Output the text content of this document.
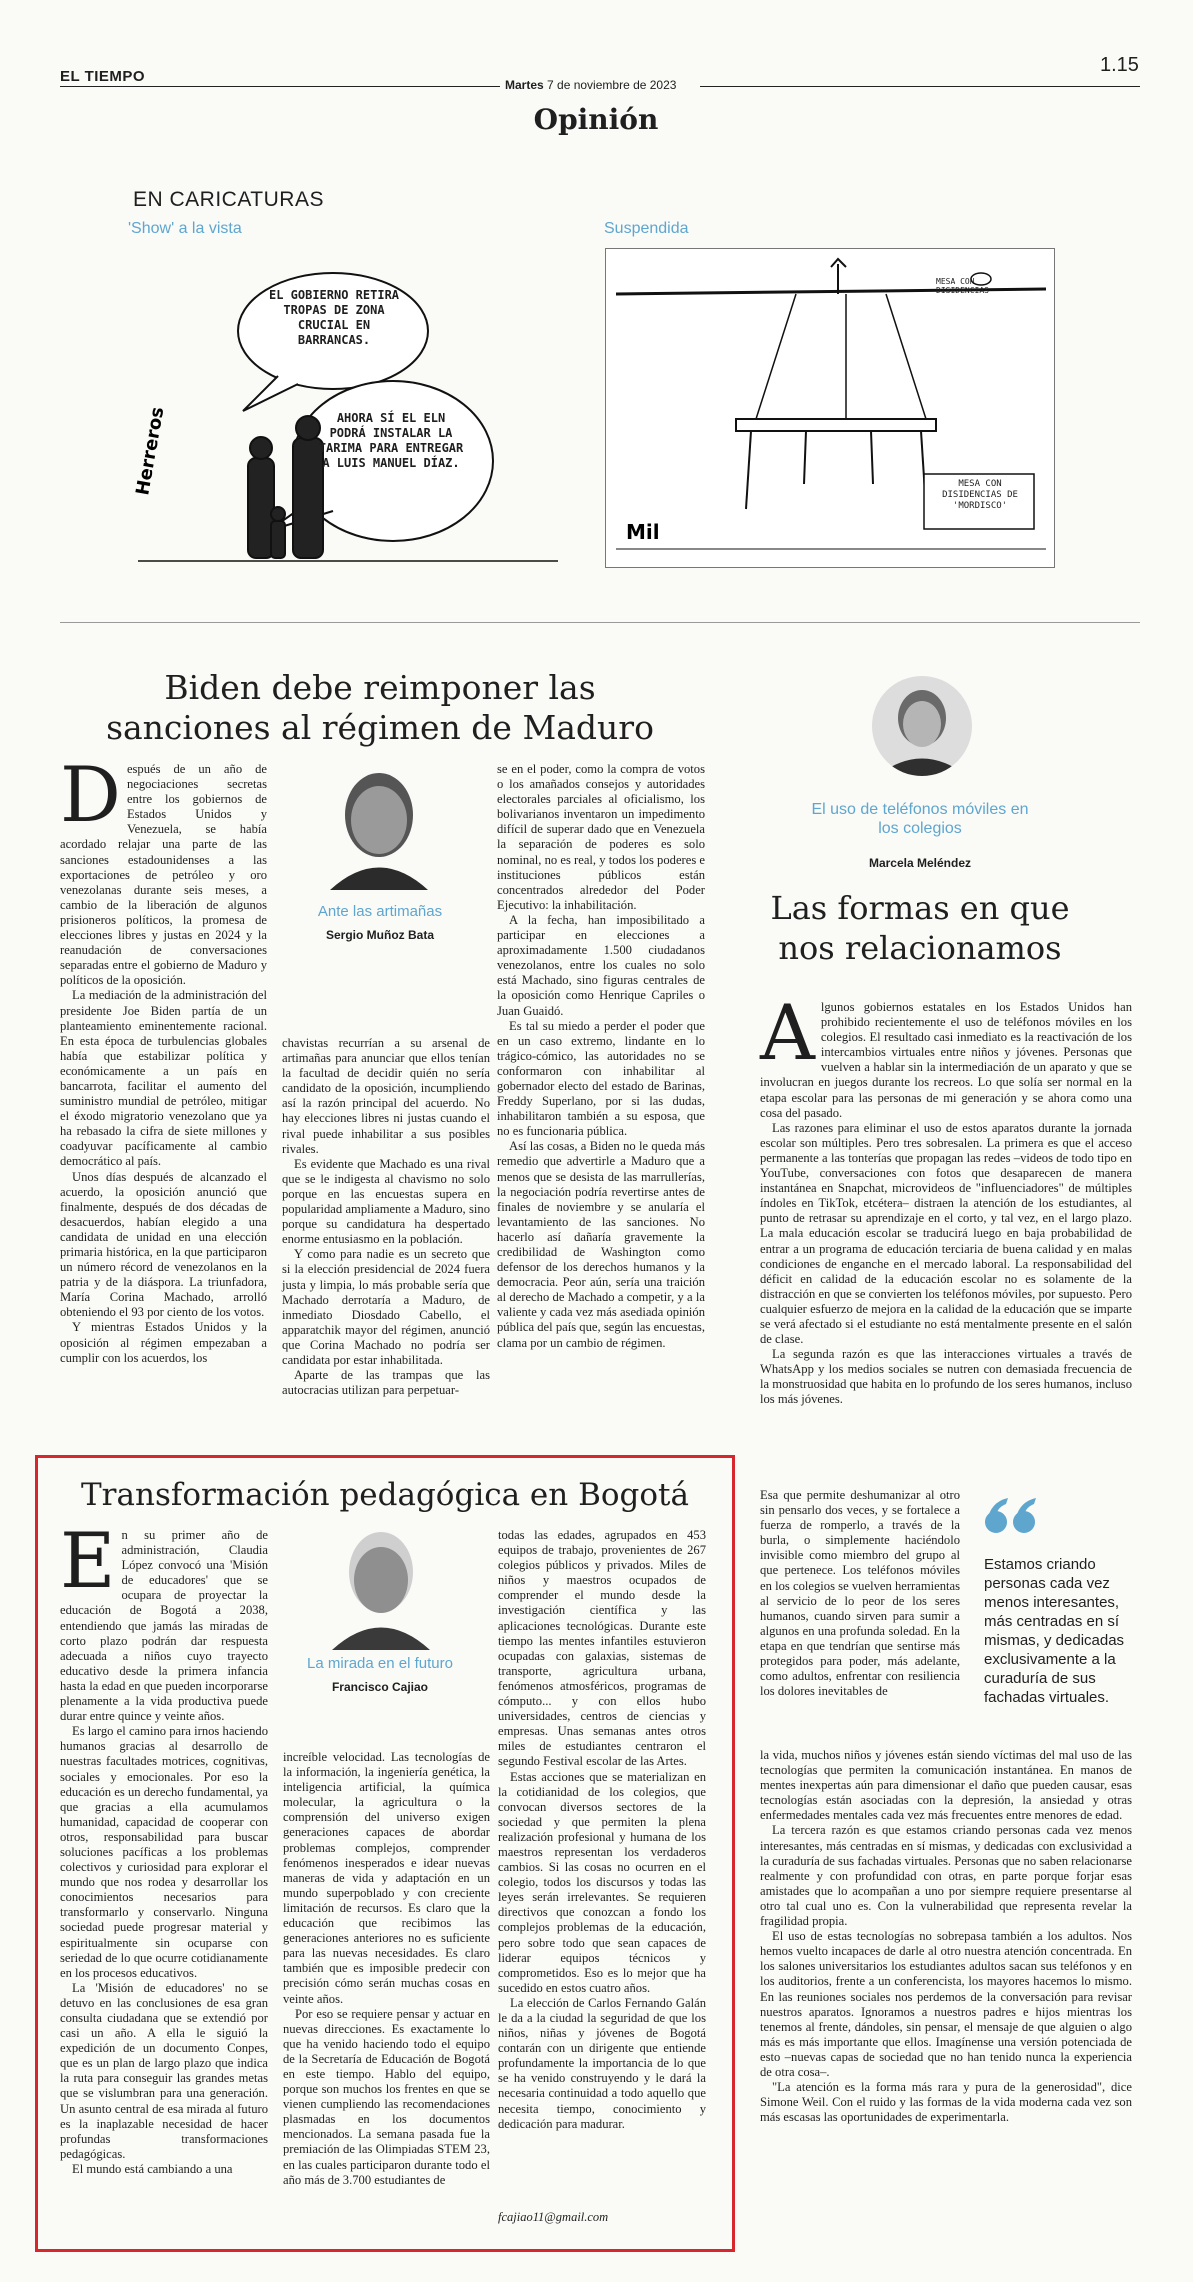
EL TIEMPO	Martes 7 de noviembre de 2023
1.15
Opinión
EN CARICATURAS
'Show' a la vista	Suspendida
Herreros
EL GOBIERNO RETIRA TROPAS DE ZONA CRUCIAL EN BARRANCAS.
AHORA SÍ EL ELN PODRÁ INSTALAR LA TARIMA PARA ENTREGAR A LUIS MANUEL DÍAZ.
Mil
MESA CON DISIDENCIAS
MESA CON DISIDENCIAS DE 'MORDISCO'
Biden debe reimponer las sanciones al régimen de Maduro
D espués de un año de negociaciones secretas entre los gobiernos de Estados Unidos y Venezuela, se había acordado relajar una parte de las sanciones estadounidenses a las exportaciones de petróleo y oro venezolanas durante seis meses, a cambio de la liberación de algunos prisioneros políticos, la promesa de elecciones libres y justas en 2024 y la reanudación de conversaciones separadas entre el gobierno de Maduro y políticos de la oposición.

La mediación de la administración del presidente Joe Biden partía de un planteamiento eminentemente racional. En esta época de turbulencias globales había que estabilizar política y económicamente a un país en bancarrota, facilitar el aumento del suministro mundial de petróleo, mitigar el éxodo migratorio venezolano que ya ha rebasado la cifra de siete millones y coadyuvar pacíficamente al cambio democrático al país.

Unos días después de alcanzado el acuerdo, la oposición anunció que finalmente, después de dos décadas de desacuerdos, habían elegido a una candidata de unidad en una elección primaria histórica, en la que participaron un número récord de venezolanos en la patria y de la diáspora. La triunfadora, María Corina Machado, arrolló obteniendo el 93 por ciento de los votos.

Y mientras Estados Unidos y la oposición al régimen empezaban a cumplir con los acuerdos, los

Ante las artimañas
Sergio Muñoz Bata

chavistas recurrían a su arsenal de artimañas para anunciar que ellos tenían la facultad de decidir quién no sería candidato de la oposición, incumpliendo así la razón principal del acuerdo. No hay elecciones libres ni justas cuando el rival puede inhabilitar a sus posibles rivales.

Es evidente que Machado es una rival que se le indigesta al chavismo no solo porque en las encuestas supera en popularidad ampliamente a Maduro, sino porque su candidatura ha despertado enorme entusiasmo en la población.

Y como para nadie es un secreto que si la elección presidencial de 2024 fuera justa y limpia, lo más probable sería que Machado derrotaría a Maduro, de inmediato Diosdado Cabello, el apparatchik mayor del régimen, anunció que Corina Machado no podría ser candidata por estar inhabilitada.

Aparte de las trampas que las autocracias utilizan para perpetuar-

se en el poder, como la compra de votos o los amañados consejos y autoridades electorales parciales al oficialismo, los bolivarianos inventaron un impedimento difícil de superar dado que en Venezuela la separación de poderes es solo nominal, no es real, y todos los poderes e instituciones públicos están concentrados alrededor del Poder Ejecutivo: la inhabilitación.

A la fecha, han imposibilitado a participar en elecciones a aproximadamente 1.500 ciudadanos venezolanos, entre los cuales no solo está Machado, sino figuras centrales de la oposición como Henrique Capriles o Juan Guaidó.

Es tal su miedo a perder el poder que en un caso extremo, lindante en lo trágico-cómico, las autoridades no se conformaron con inhabilitar al gobernador electo del estado de Barinas, Freddy Superlano, por si las dudas, inhabilitaron también a su esposa, que no es funcionaria pública.

Así las cosas, a Biden no le queda más remedio que advertirle a Maduro que a menos que se desista de las marrullerías, la negociación podría revertirse antes de finales de noviembre y se anularía el levantamiento de las sanciones. No hacerlo así dañaría gravemente la credibilidad de Washington como defensor de los derechos humanos y la democracia. Peor aún, sería una traición al derecho de Machado a competir, y a la valiente y cada vez más asediada opinión pública del país que, según las encuestas, clama por un cambio de régimen.

Transformación pedagógica en Bogotá
E n su primer año de administración, Claudia López convocó una 'Misión de educadores' que se ocupara de proyectar la educación de Bogotá a 2038, entendiendo que jamás las miradas de corto plazo podrán dar respuesta adecuada a niños cuyo trayecto educativo desde la primera infancia hasta la edad en que pueden incorporarse plenamente a la vida productiva puede durar entre quince y veinte años.

Es largo el camino para irnos haciendo humanos gracias al desarrollo de nuestras facultades motrices, cognitivas, sociales y emocionales. Por eso la educación es un derecho fundamental, ya que gracias a ella acumulamos humanidad, capacidad de cooperar con otros, responsabilidad para buscar soluciones pacíficas a los problemas colectivos y curiosidad para explorar el mundo que nos rodea y desarrollar los conocimientos necesarios para transformarlo y conservarlo. Ninguna sociedad puede progresar material y espiritualmente sin ocuparse con seriedad de lo que ocurre cotidianamente en los procesos educativos.

La 'Misión de educadores' no se detuvo en las conclusiones de esa gran consulta ciudadana que se extendió por casi un año. A ella le siguió la expedición de un documento Conpes, que es un plan de largo plazo que indica la ruta para conseguir las grandes metas que se vislumbran para una generación. Un asunto central de esa mirada al futuro es la inaplazable necesidad de hacer profundas transformaciones pedagógicas.

El mundo está cambiando a una

La mirada en el futuro
Francisco Cajiao

increíble velocidad. Las tecnologías de la información, la ingeniería genética, la inteligencia artificial, la química molecular, la agricultura o la comprensión del universo exigen generaciones capaces de abordar problemas complejos, comprender fenómenos inesperados e idear nuevas maneras de vida y adaptación en un mundo superpoblado y con creciente limitación de recursos. Es claro que la educación que recibimos las generaciones anteriores no es suficiente para las nuevas necesidades. Es claro también que es imposible predecir con precisión cómo serán muchas cosas en veinte años.

Por eso se requiere pensar y actuar en nuevas direcciones. Es exactamente lo que ha venido haciendo todo el equipo de la Secretaría de Educación de Bogotá en este tiempo. Hablo del equipo, porque son muchos los frentes en que se vienen cumpliendo las recomendaciones plasmadas en los documentos mencionados. La semana pasada fue la premiación de las Olimpiadas STEM 23, en las cuales participaron durante todo el año más de 3.700 estudiantes de

todas las edades, agrupados en 453 equipos de trabajo, provenientes de 267 colegios públicos y privados. Miles de niños y maestros ocupados de comprender el mundo desde la investigación científica y las aplicaciones tecnológicas. Durante este tiempo las mentes infantiles estuvieron ocupadas con galaxias, sistemas de transporte, agricultura urbana, fenómenos atmosféricos, programas de cómputo... y con ellos hubo universidades, centros de ciencias y empresas. Unas semanas antes otros miles de estudiantes centraron el segundo Festival escolar de las Artes.

Estas acciones que se materializan en la cotidianidad de los colegios, que convocan diversos sectores de la sociedad y que permiten la plena realización profesional y humana de los maestros representan los verdaderos cambios. Si las cosas no ocurren en el colegio, todos los discursos y todas las leyes serán irrelevantes. Se requieren directivos que conozcan a fondo los complejos problemas de la educación, pero sobre todo que sean capaces de liderar equipos técnicos y comprometidos. Eso es lo mejor que ha sucedido en estos cuatro años.

La elección de Carlos Fernando Galán le da a la ciudad la seguridad de que los niños, niñas y jóvenes de Bogotá contarán con un dirigente que entiende profundamente la importancia de lo que se ha venido construyendo y le dará la necesaria continuidad a todo aquello que necesita tiempo, conocimiento y dedicación para madurar.

fcajiao11@gmail.com
El uso de teléfonos móviles en los colegios
Marcela Meléndez
Las formas en que nos relacionamos
A lgunos gobiernos estatales en los Estados Unidos han prohibido recientemente el uso de teléfonos móviles en los colegios. El resultado casi inmediato es la reactivación de los intercambios virtuales entre niños y jóvenes. Personas que vuelven a hablar sin la intermediación de un aparato y que se involucran en juegos durante los recreos. Lo que solía ser normal en la etapa escolar para las personas de mi generación y se ahora como una cosa del pasado.

Las razones para eliminar el uso de estos aparatos durante la jornada escolar son múltiples. Pero tres sobresalen. La primera es que el acceso permanente a las tonterías que propagan las redes –videos de todo tipo en YouTube, conversaciones con fotos que desaparecen de manera instantánea en Snapchat, microvideos de "influenciadores" de múltiples índoles en TikTok, etcétera– distraen la atención de los estudiantes, al punto de retrasar su aprendizaje en el corto, y tal vez, en el largo plazo. La mala educación escolar se traducirá luego en baja probabilidad de entrar a un programa de educación terciaria de buena calidad y en malas condiciones de enganche en el mercado laboral. La responsabilidad del déficit en calidad de la educación escolar no es solamente de la distracción en que se convierten los teléfonos móviles, por supuesto. Pero cualquier esfuerzo de mejora en la calidad de la educación que se imparte se verá afectado si el estudiante no está mentalmente presente en el salón de clase.

La segunda razón es que las interacciones virtuales a través de WhatsApp y los medios sociales se nutren con demasiada frecuencia de la monstruosidad que habita en lo profundo de los seres humanos, incluso los más jóvenes.

Esa que permite deshumanizar al otro sin pensarlo dos veces, y se fortalece a fuerza de romperlo, a través de la burla, o simplemente haciéndolo invisible como miembro del grupo al que pertenece. Los teléfonos móviles en los colegios se vuelven herramientas al servicio de lo peor de los seres humanos, cuando sirven para sumir a algunos en una profunda soledad. En la etapa en que tendrían que sentirse más protegidos para poder, más adelante, como adultos, enfrentar con resiliencia los dolores inevitables de

Estamos criando personas cada vez menos interesantes, más centradas en sí mismas, y dedicadas exclusivamente a la curaduría de sus fachadas virtuales.

la vida, muchos niños y jóvenes están siendo víctimas del mal uso de las tecnologías que permiten la comunicación instantánea. En manos de mentes inexpertas aún para dimensionar el daño que pueden causar, esas tecnologías están asociadas con la depresión, la ansiedad y otras enfermedades mentales cada vez más frecuentes entre menores de edad.

La tercera razón es que estamos criando personas cada vez menos interesantes, más centradas en sí mismas, y dedicadas con exclusividad a la curaduría de sus fachadas virtuales. Personas que no saben relacionarse realmente y con profundidad con otras, en parte porque forjar esas amistades que lo acompañan a uno por siempre requiere presentarse al otro tal cual uno es. Con la vulnerabilidad que representa revelar la fragilidad propia.

El uso de estas tecnologías no sobrepasa también a los adultos. Nos hemos vuelto incapaces de darle al otro nuestra atención concentrada. En los salones universitarios los estudiantes adultos sacan sus teléfonos y en los auditorios, frente a un conferencista, los mayores hacemos lo mismo. En las reuniones sociales nos perdemos de la conversación para revisar nuestros aparatos. Ignoramos a nuestros padres e hijos mientras los tenemos al frente, dándoles, sin pensar, el mensaje de que alguien o algo más es más importante que ellos. Imagínense una versión potenciada de esto –nuevas capas de sociedad que no han tenido nunca la experiencia de otra cosa–.

"La atención es la forma más rara y pura de la generosidad", dice Simone Weil. Con el ruido y las formas de la vida moderna cada vez son más escasas las oportunidades de experimentarla.
